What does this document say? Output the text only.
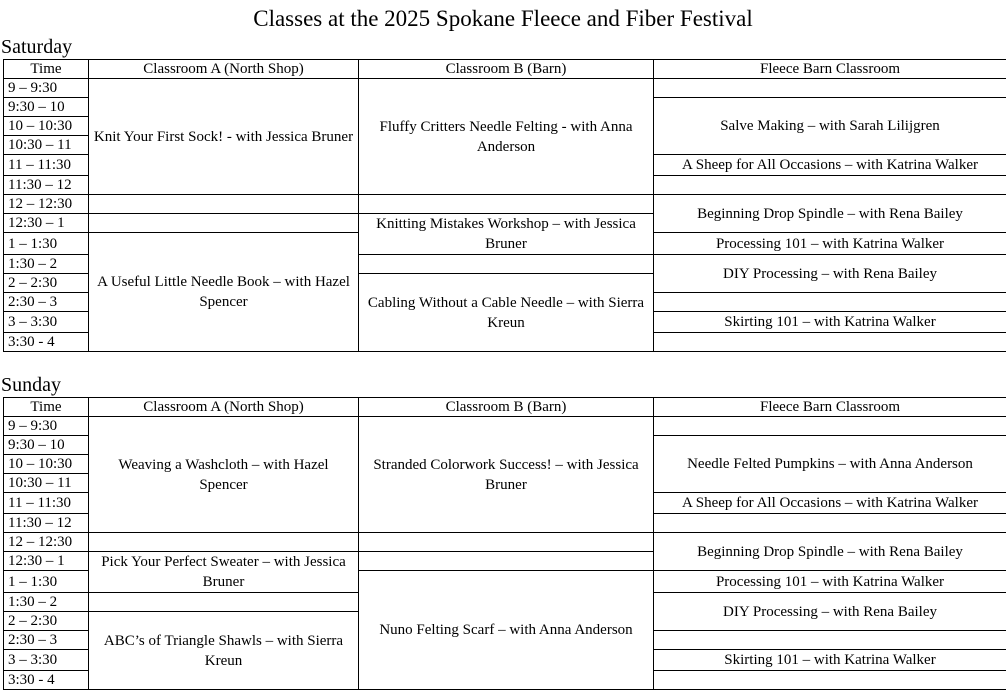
Classes at the 2025 Spokane Fleece and Fiber Festival
Saturday
Time	Classroom A (North Shop)	Classroom B (Barn)	Fleece Barn Classroom
9 – 9:30	Knit Your First Sock! - with Jessica Bruner	Fluffy Critters Needle Felting - with Anna Anderson	
9:30 – 10			Salve Making – with Sarah Lilijgren
10 – 10:30			
10:30 – 11			
11 – 11:30			A Sheep for All Occasions – with Katrina Walker
11:30 – 12			
12 – 12:30			Beginning Drop Spindle – with Rena Bailey
12:30 – 1		Knitting Mistakes Workshop – with Jessica Bruner	
1 – 1:30	A Useful Little Needle Book – with Hazel Spencer		Processing 101 – with Katrina Walker
1:30 – 2			DIY Processing – with Rena Bailey
2 – 2:30		Cabling Without a Cable Needle – with Sierra Kreun	
2:30 – 3			
3 – 3:30			Skirting 101 – with Katrina Walker
3:30 - 4			
Sunday
Time	Classroom A (North Shop)	Classroom B (Barn)	Fleece Barn Classroom
9 – 9:30	Weaving a Washcloth – with Hazel Spencer	Stranded Colorwork Success! – with Jessica Bruner	
9:30 – 10			Needle Felted Pumpkins – with Anna Anderson
10 – 10:30			
10:30 – 11			
11 – 11:30			A Sheep for All Occasions – with Katrina Walker
11:30 – 12			
12 – 12:30			Beginning Drop Spindle – with Rena Bailey
12:30 – 1	Pick Your Perfect Sweater – with Jessica Bruner		
1 – 1:30		Nuno Felting Scarf – with Anna Anderson	Processing 101 – with Katrina Walker
1:30 – 2			DIY Processing – with Rena Bailey
2 – 2:30	ABC’s of Triangle Shawls – with Sierra Kreun		
2:30 – 3			
3 – 3:30			Skirting 101 – with Katrina Walker
3:30 - 4			
